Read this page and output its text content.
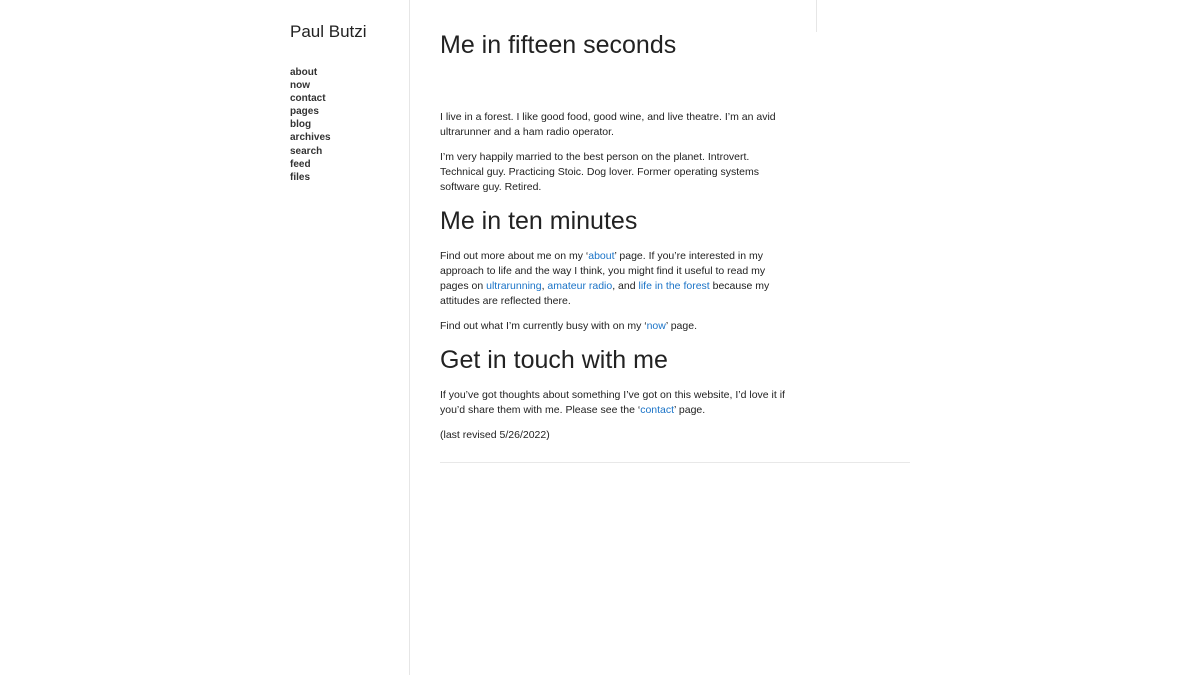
Paul Butzi
about
now
contact
pages
blog
archives
search
feed
files
Me in fifteen seconds

I live in a forest. I like good food, good wine, and live theatre. I’m an avid ultrarunner and a ham radio operator.

I’m very happily married to the best person on the planet. Introvert. Technical guy. Practicing Stoic. Dog lover. Former operating systems software guy. Retired.

Me in ten minutes

Find out more about me on my ‘about’ page. If you’re interested in my approach to life and the way I think, you might find it useful to read my pages on ultrarunning, amateur radio, and life in the forest because my attitudes are reflected there.

Find out what I’m currently busy with on my ‘now’ page.

Get in touch with me

If you’ve got thoughts about something I’ve got on this website, I’d love it if you’d share them with me. Please see the ‘contact’ page.

(last revised 5/26/2022)
